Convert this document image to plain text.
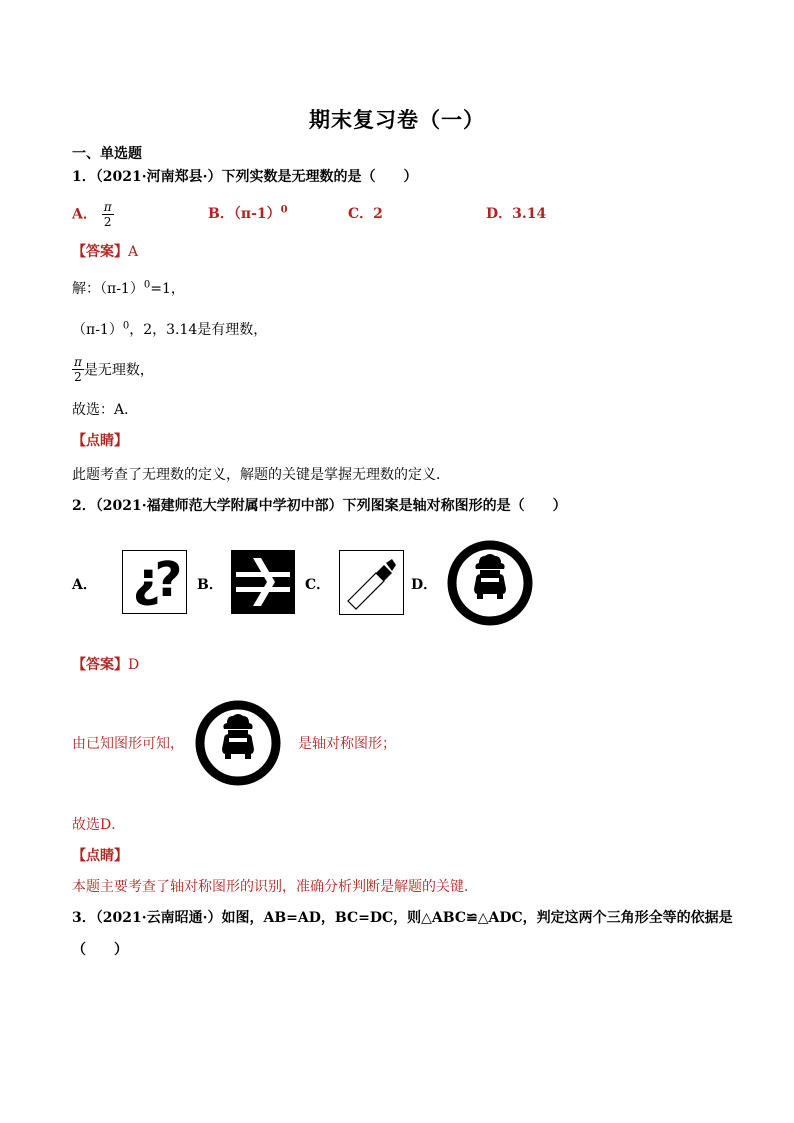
期末复习卷（一）
一、单选题
1．（2021·河南郑县·）下列实数是无理数的是（　　）
A． $\frac{\pi}{2}$	B．$(\pi-1)^0$	C．2	D．3.14
【答案】A
解：$(\pi-1)^0=1$，
$(\pi-1)^0$，2，3.14是有理数，
$\frac{\pi}{2}$ 是无理数，
故选：A．
【点睛】
此题考查了无理数的定义，解题的关键是掌握无理数的定义．
2．（2021·福建师范大学附属中学初中部）下列图案是轴对称图形的是（　　）
A． ¿?	B．	C．	D．
【答案】D
由已知图形可知，	是轴对称图形；
故选D．
【点睛】
本题主要考查了轴对称图形的识别，准确分析判断是解题的关键．
3．（2021·云南昭通·）如图，AB=AD，BC=DC，则△ABC≌△ADC，判定这两个三角形全等的依据是
（　　）
